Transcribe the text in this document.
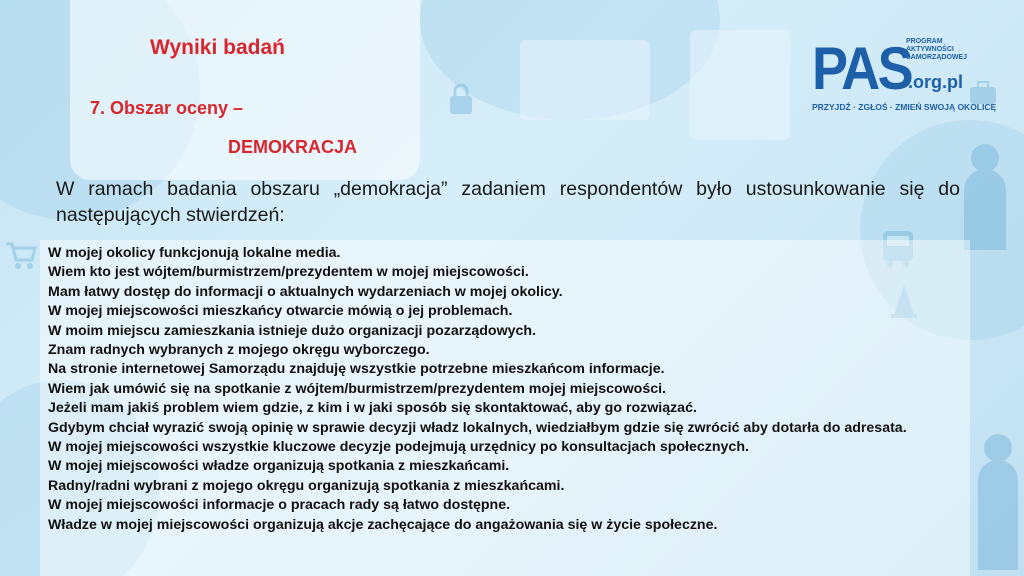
Wyniki badań
7. Obszar oceny –
DEMOKRACJA
W ramach badania obszaru „demokracja” zadaniem respondentów było ustosunkowanie się do następujących stwierdzeń:
W mojej okolicy funkcjonują lokalne media.
Wiem kto jest wójtem/burmistrzem/prezydentem w mojej miejscowości.
Mam łatwy dostęp do informacji o aktualnych wydarzeniach w mojej okolicy.
W mojej miejscowości mieszkańcy otwarcie mówią o jej problemach.
W moim miejscu zamieszkania istnieje dużo organizacji pozarządowych.
Znam radnych wybranych z mojego okręgu wyborczego.
Na stronie internetowej Samorządu znajduję wszystkie potrzebne mieszkańcom informacje.
Wiem jak umówić się na spotkanie z wójtem/burmistrzem/prezydentem mojej miejscowości.
Jeżeli mam jakiś problem wiem gdzie, z kim i w jaki sposób się skontaktować, aby go rozwiązać.
Gdybym chciał wyrazić swoją opinię w sprawie decyzji władz lokalnych, wiedziałbym gdzie się zwrócić aby dotarła do adresata.
W mojej miejscowości wszystkie kluczowe decyzje podejmują urzędnicy po konsultacjach społecznych.
W mojej miejscowości władze organizują spotkania z mieszkańcami.
Radny/radni wybrani z mojego okręgu organizują spotkania z mieszkańcami.
W mojej miejscowości informacje o pracach rady są łatwo dostępne.
Władze w mojej miejscowości organizują akcje zachęcające do angażowania się w życie społeczne.
PAS
PROGRAM
AKTYWNOŚCI
SAMORZĄDOWEJ
.org.pl
PRZYJDŹ · ZGŁOŚ · ZMIEŃ SWOJĄ OKOLICĘ
